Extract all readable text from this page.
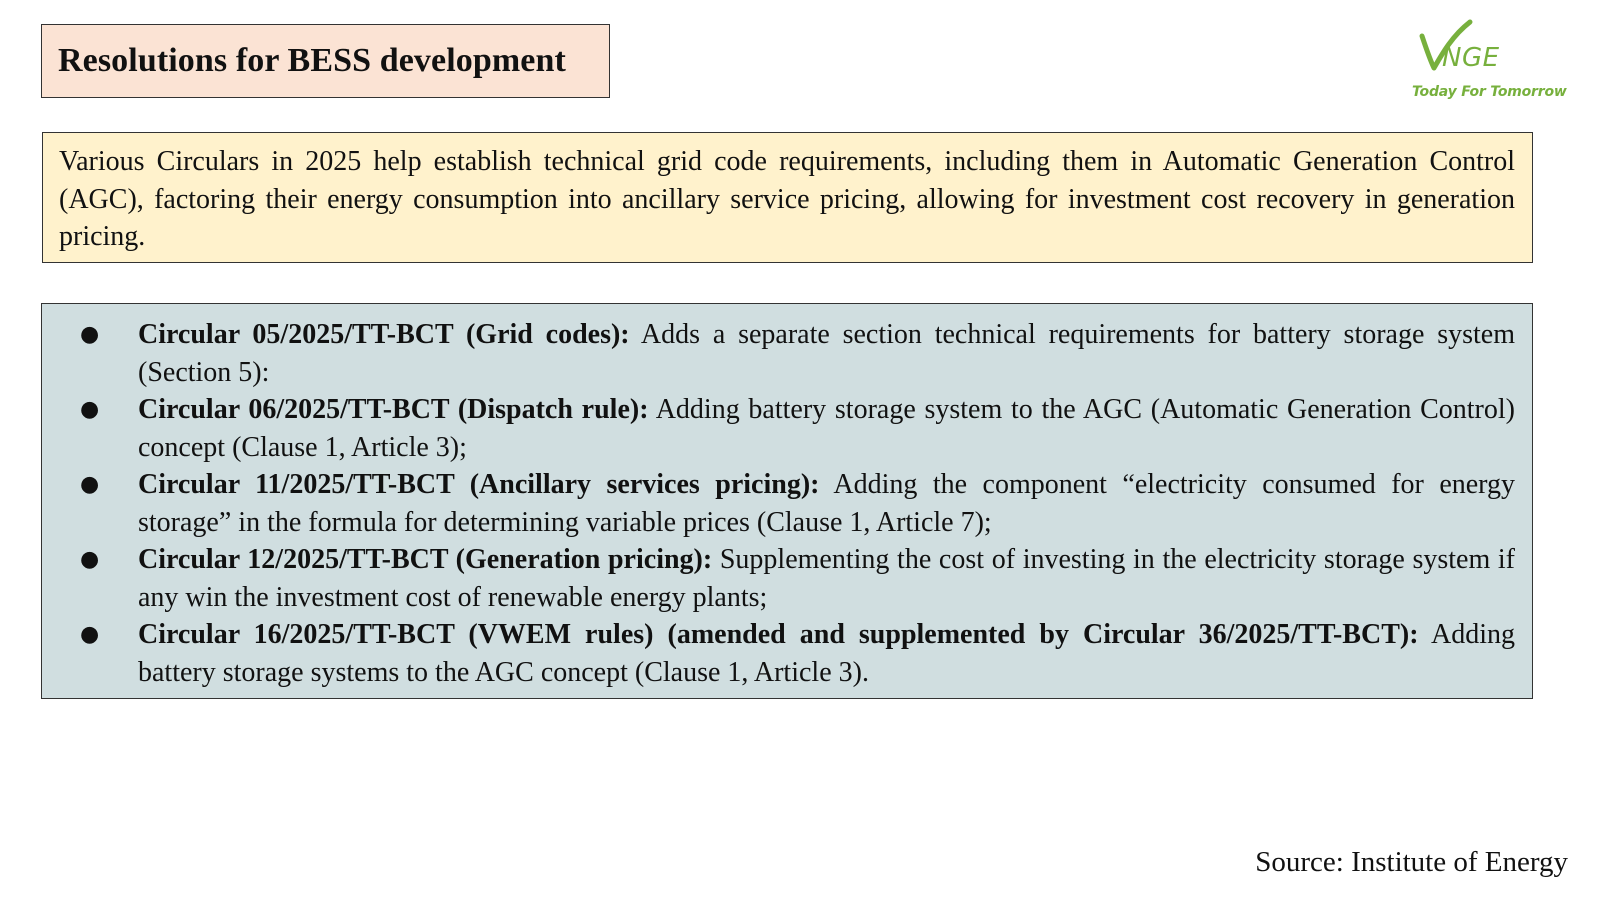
Resolutions for BESS development	NGE
Today For Tomorrow

Various Circulars in 2025 help establish technical grid code requirements, including them in Automatic Generation Control (AGC), factoring their energy consumption into ancillary service pricing, allowing for investment cost recovery in generation pricing.

● Circular 05/2025/TT-BCT (Grid codes): Adds a separate section technical requirements for battery storage system (Section 5):
● Circular 06/2025/TT-BCT (Dispatch rule): Adding battery storage system to the AGC (Automatic Generation Control) concept (Clause 1, Article 3);
● Circular 11/2025/TT-BCT (Ancillary services pricing): Adding the component “electricity consumed for energy storage” in the formula for determining variable prices (Clause 1, Article 7);
● Circular 12/2025/TT-BCT (Generation pricing): Supplementing the cost of investing in the electricity storage system if any win the investment cost of renewable energy plants;
● Circular 16/2025/TT-BCT (VWEM rules) (amended and supplemented by Circular 36/2025/TT-BCT): Adding battery storage systems to the AGC concept (Clause 1, Article 3).
Source: Institute of Energy
